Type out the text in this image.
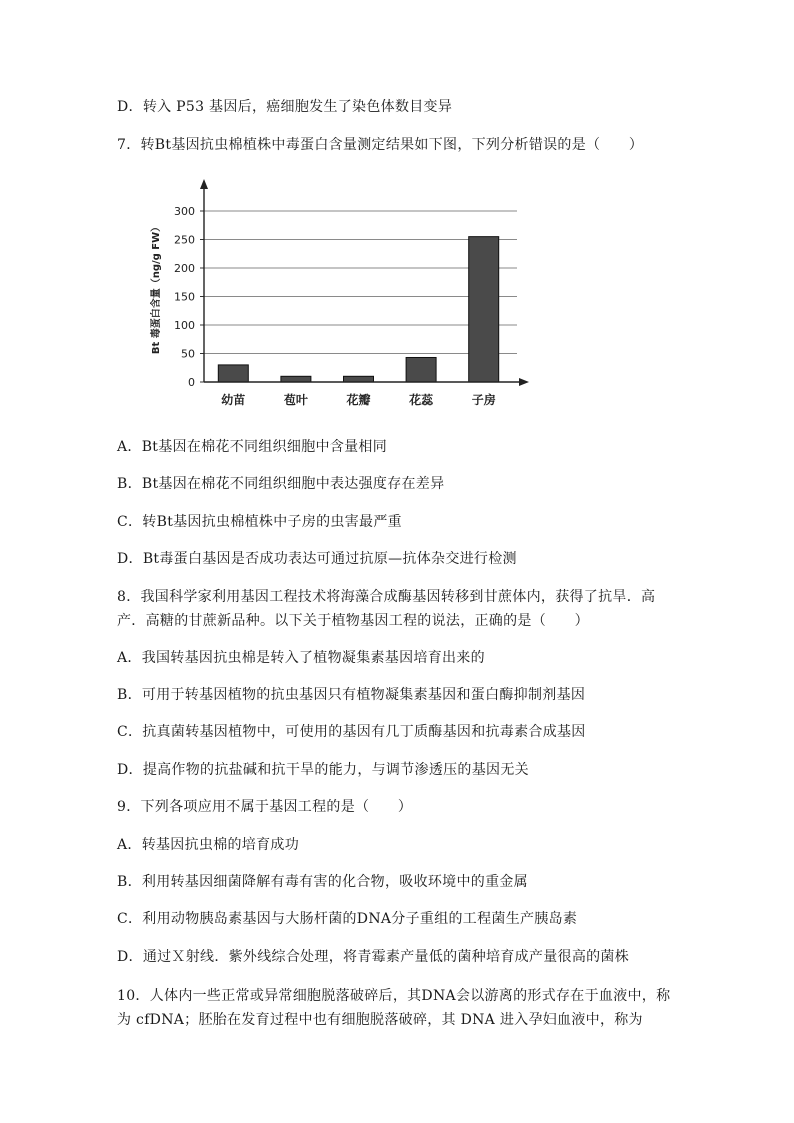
D．转入 P53 基因后，癌细胞发生了染色体数目变异
7．转Bt基因抗虫棉植株中毒蛋白含量测定结果如下图，下列分析错误的是（　　）
0
50
100
150
200
250
300
幼苗	苞叶	花瓣	花蕊	子房
Bt 毒蛋白含量（ng/g FW）
A．Bt基因在棉花不同组织细胞中含量相同
B．Bt基因在棉花不同组织细胞中表达强度存在差异
C．转Bt基因抗虫棉植株中子房的虫害最严重
D．Bt毒蛋白基因是否成功表达可通过抗原—抗体杂交进行检测
8．我国科学家利用基因工程技术将海藻合成酶基因转移到甘蔗体内，获得了抗旱．高
产．高糖的甘蔗新品种。以下关于植物基因工程的说法，正确的是（　　）
A．我国转基因抗虫棉是转入了植物凝集素基因培育出来的
B．可用于转基因植物的抗虫基因只有植物凝集素基因和蛋白酶抑制剂基因
C．抗真菌转基因植物中，可使用的基因有几丁质酶基因和抗毒素合成基因
D．提高作物的抗盐碱和抗干旱的能力，与调节渗透压的基因无关
9．下列各项应用不属于基因工程的是（　　）
A．转基因抗虫棉的培育成功
B．利用转基因细菌降解有毒有害的化合物，吸收环境中的重金属
C．利用动物胰岛素基因与大肠杆菌的DNA分子重组的工程菌生产胰岛素
D．通过Ｘ射线．紫外线综合处理，将青霉素产量低的菌种培育成产量很高的菌株
10．人体内一些正常或异常细胞脱落破碎后，其DNA会以游离的形式存在于血液中，称
为 cfDNA；胚胎在发育过程中也有细胞脱落破碎，其 DNA 进入孕妇血液中，称为
